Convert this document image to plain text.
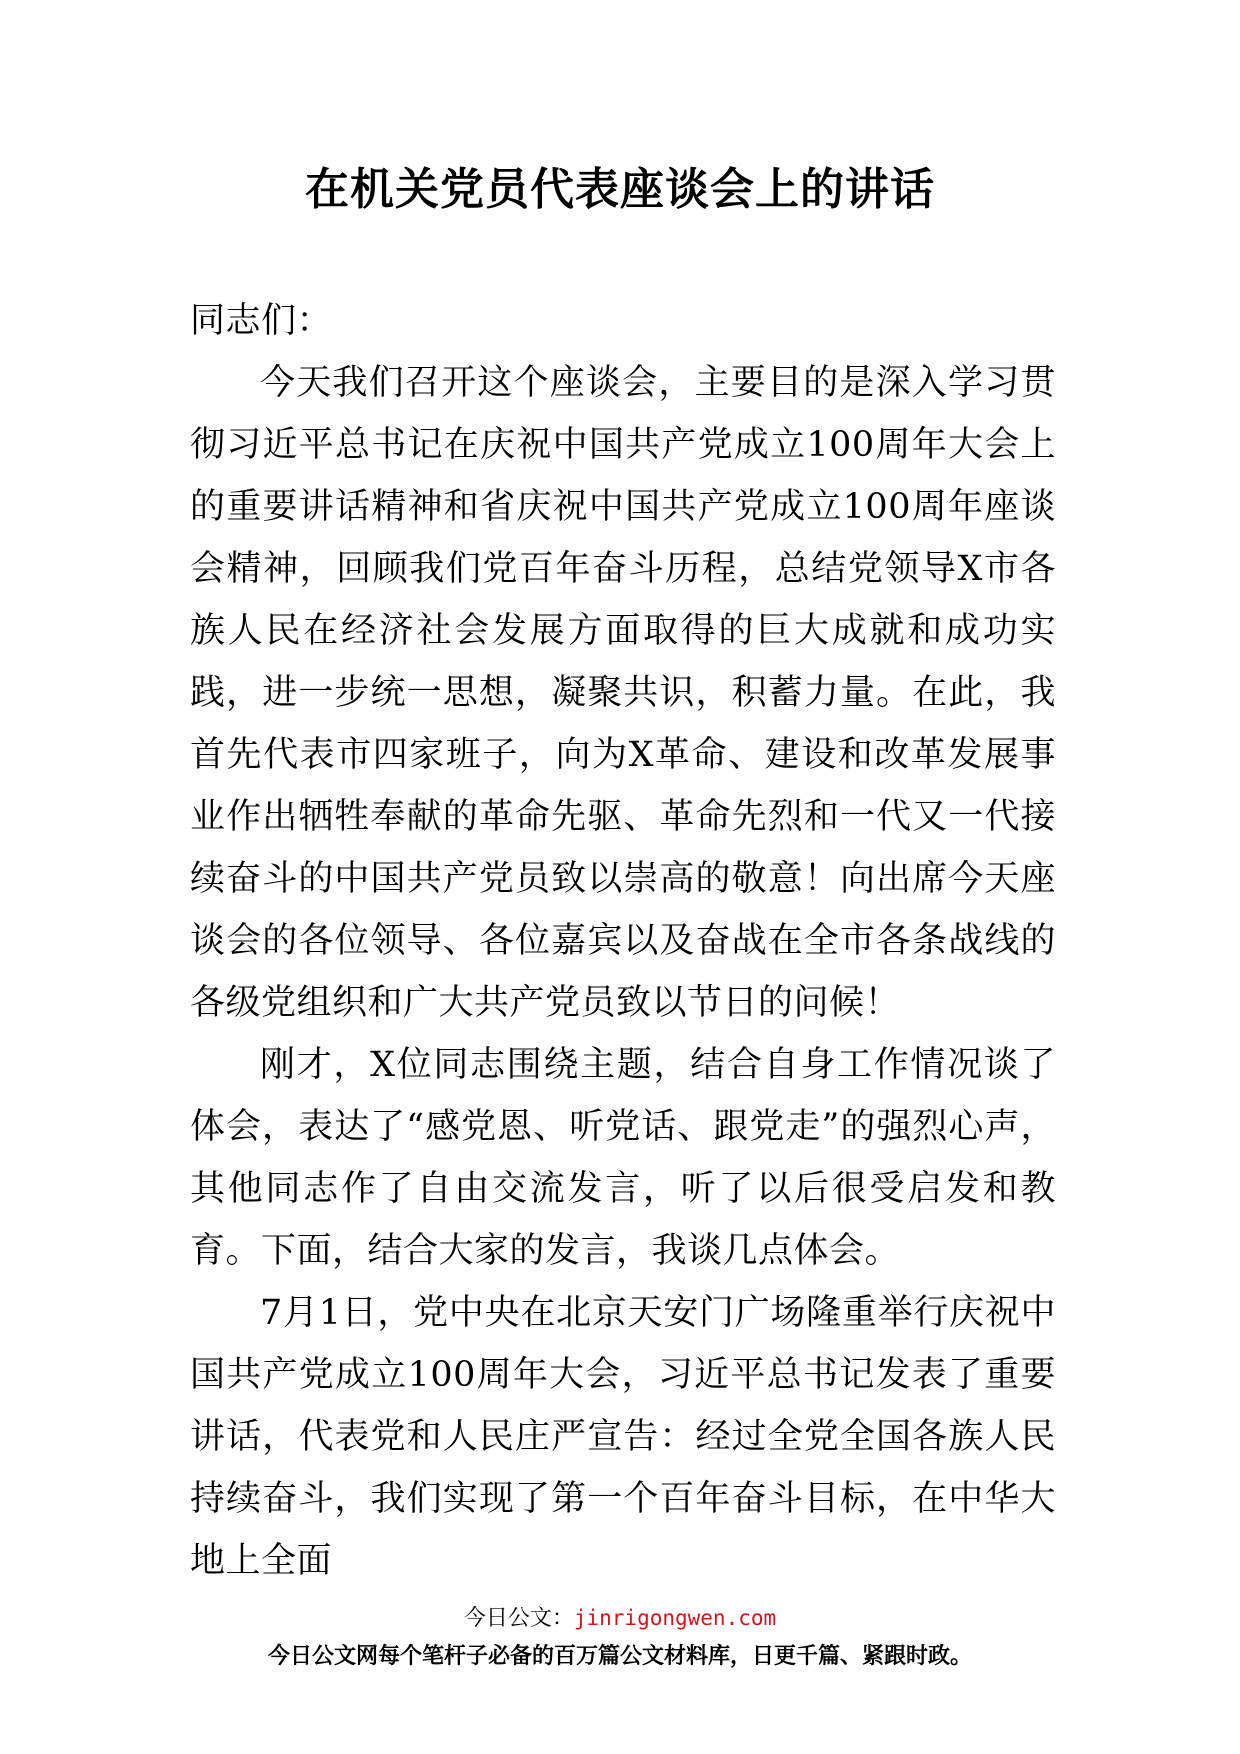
在机关党员代表座谈会上的讲话

同志们：

今天我们召开这个座谈会，主要目的是深入学习贯彻习近平总书记在庆祝中国共产党成立100周年大会上的重要讲话精神和省庆祝中国共产党成立100周年座谈会精神，回顾我们党百年奋斗历程，总结党领导X市各族人民在经济社会发展方面取得的巨大成就和成功实践，进一步统一思想，凝聚共识，积蓄力量。在此，我首先代表市四家班子，向为X革命、建设和改革发展事业作出牺牲奉献的革命先驱、革命先烈和一代又一代接续奋斗的中国共产党员致以崇高的敬意！向出席今天座谈会的各位领导、各位嘉宾以及奋战在全市各条战线的各级党组织和广大共产党员致以节日的问候！

刚才，X位同志围绕主题，结合自身工作情况谈了体会，表达了“感党恩、听党话、跟党走”的强烈心声，其他同志作了自由交流发言，听了以后很受启发和教育。下面，结合大家的发言，我谈几点体会。

7月1日，党中央在北京天安门广场隆重举行庆祝中国共产党成立100周年大会，习近平总书记发表了重要讲话，代表党和人民庄严宣告：经过全党全国各族人民持续奋斗，我们实现了第一个百年奋斗目标，在中华大地上全面

今日公文：jinrigongwen.com
今日公文网每个笔杆子必备的百万篇公文材料库，日更千篇、紧跟时政。
